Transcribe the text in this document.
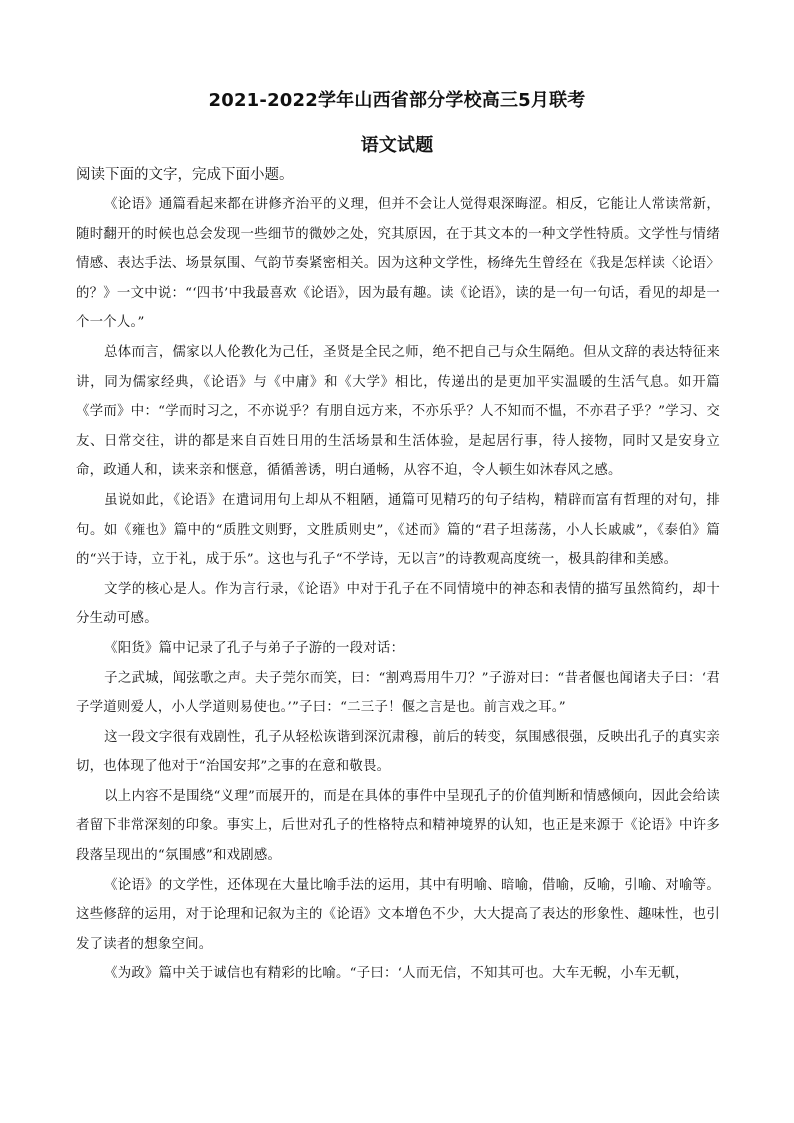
2021-2022学年山西省部分学校高三5月联考
语文试题
阅读下面的文字，完成下面小题。

《论语》通篇看起来都在讲修齐治平的义理，但并不会让人觉得艰深晦涩。相反，它能让人常读常新，随时翻开的时候也总会发现一些细节的微妙之处，究其原因，在于其文本的一种文学性特质。文学性与情绪情感、表达手法、场景氛围、气韵节奏紧密相关。因为这种文学性，杨绛先生曾经在《我是怎样读〈论语〉的？》一文中说：“‘四书’中我最喜欢《论语》，因为最有趣。读《论语》，读的是一句一句话，看见的却是一个一个人。”

总体而言，儒家以人伦教化为己任，圣贤是全民之师，绝不把自己与众生隔绝。但从文辞的表达特征来讲，同为儒家经典，《论语》与《中庸》和《大学》相比，传递出的是更加平实温暖的生活气息。如开篇《学而》中：“学而时习之，不亦说乎？有朋自远方来，不亦乐乎？人不知而不愠，不亦君子乎？”学习、交友、日常交往，讲的都是来自百姓日用的生活场景和生活体验，是起居行事，待人接物，同时又是安身立命，政通人和，读来亲和惬意，循循善诱，明白通畅，从容不迫，令人顿生如沐春风之感。

虽说如此，《论语》在遣词用句上却从不粗陋，通篇可见精巧的句子结构，精辟而富有哲理的对句，排句。如《雍也》篇中的“质胜文则野，文胜质则史”，《述而》篇的“君子坦荡荡，小人长戚戚”，《泰伯》篇的“兴于诗，立于礼，成于乐”。这也与孔子“不学诗，无以言”的诗教观高度统一，极具韵律和美感。

文学的核心是人。作为言行录，《论语》中对于孔子在不同情境中的神态和表情的描写虽然简约，却十分生动可感。

《阳货》篇中记录了孔子与弟子子游的一段对话：

子之武城，闻弦歌之声。夫子莞尔而笑，曰：“割鸡焉用牛刀？”子游对曰：“昔者偃也闻诸夫子曰：‘君子学道则爱人，小人学道则易使也。’”子曰：“二三子！偃之言是也。前言戏之耳。”

这一段文字很有戏剧性，孔子从轻松诙谐到深沉肃穆，前后的转变，氛围感很强，反映出孔子的真实亲切，也体现了他对于“治国安邦”之事的在意和敬畏。

以上内容不是围绕“义理”而展开的，而是在具体的事件中呈现孔子的价值判断和情感倾向，因此会给读者留下非常深刻的印象。事实上，后世对孔子的性格特点和精神境界的认知，也正是来源于《论语》中许多段落呈现出的“氛围感”和戏剧感。

《论语》的文学性，还体现在大量比喻手法的运用，其中有明喻、暗喻，借喻，反喻，引喻、对喻等。这些修辞的运用，对于论理和记叙为主的《论语》文本增色不少，大大提高了表达的形象性、趣味性，也引发了读者的想象空间。

《为政》篇中关于诚信也有精彩的比喻。“子曰：‘人而无信，不知其可也。大车无輗，小车无軏，
